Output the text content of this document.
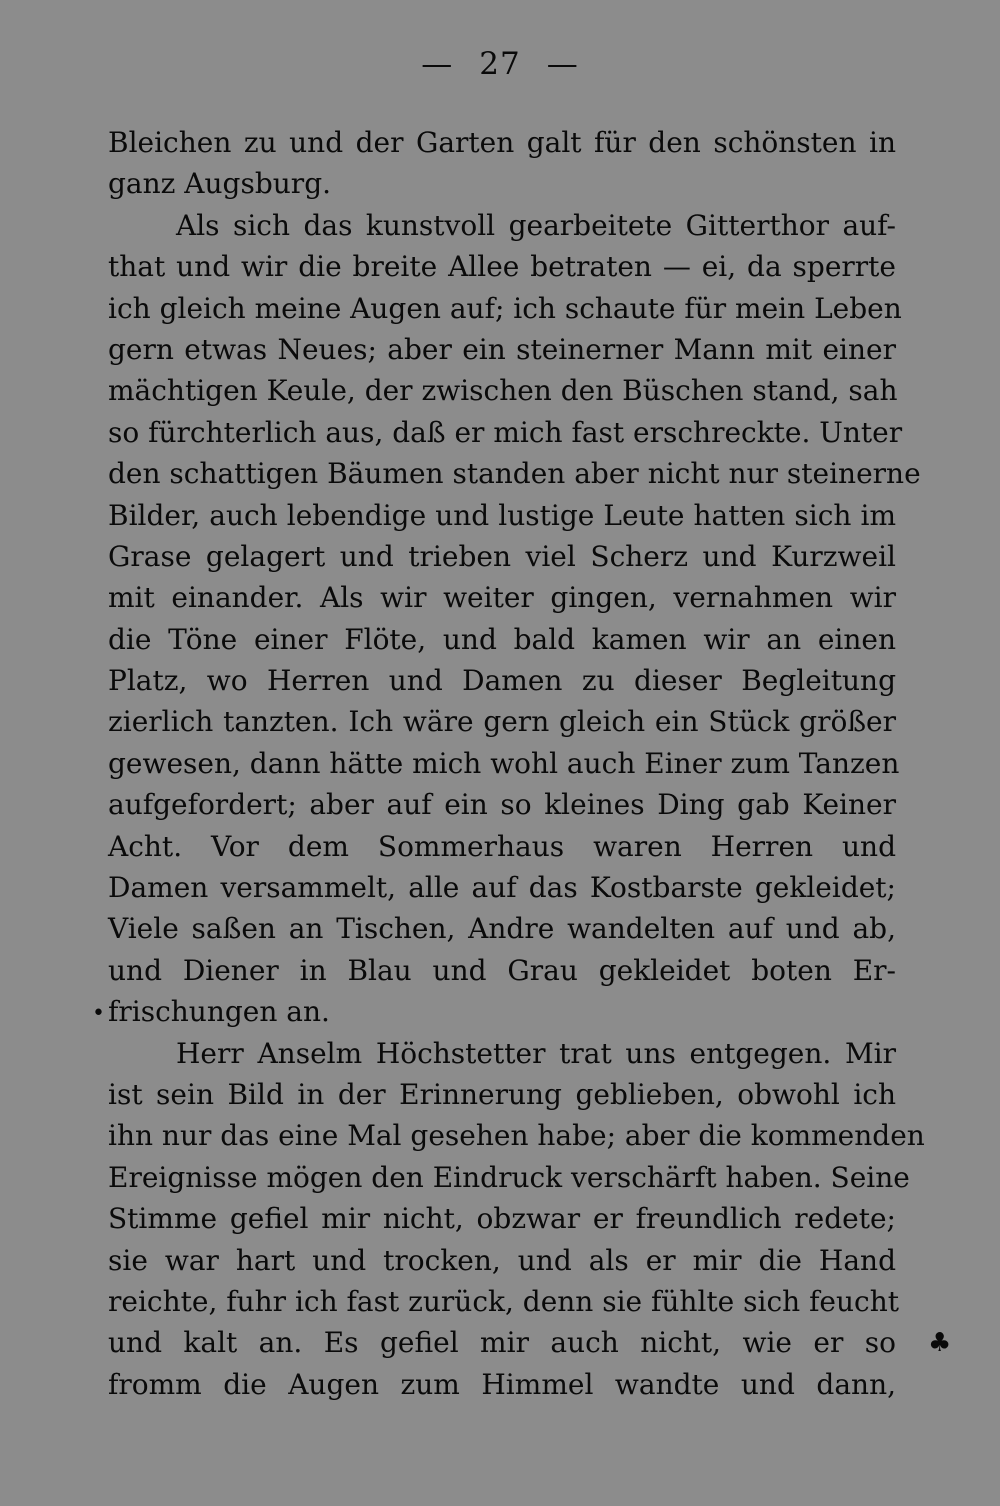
— 27 —
Bleichen zu und der Garten galt für den schönsten in
ganz Augsburg.
Als sich das kunstvoll gearbeitete Gitterthor auf-
that und wir die breite Allee betraten — ei, da sperrte
ich gleich meine Augen auf; ich schaute für mein Leben
gern etwas Neues; aber ein steinerner Mann mit einer
mächtigen Keule, der zwischen den Büschen stand, sah
so fürchterlich aus, daß er mich fast erschreckte. Unter
den schattigen Bäumen standen aber nicht nur steinerne
Bilder, auch lebendige und lustige Leute hatten sich im
Grase gelagert und trieben viel Scherz und Kurzweil
mit einander. Als wir weiter gingen, vernahmen wir
die Töne einer Flöte, und bald kamen wir an einen
Platz, wo Herren und Damen zu dieser Begleitung
zierlich tanzten. Ich wäre gern gleich ein Stück größer
gewesen, dann hätte mich wohl auch Einer zum Tanzen
aufgefordert; aber auf ein so kleines Ding gab Keiner
Acht. Vor dem Sommerhaus waren Herren und
Damen versammelt, alle auf das Kostbarste gekleidet;
Viele saßen an Tischen, Andre wandelten auf und ab,
und Diener in Blau und Grau gekleidet boten Er-
frischungen an.
Herr Anselm Höchstetter trat uns entgegen. Mir
ist sein Bild in der Erinnerung geblieben, obwohl ich
ihn nur das eine Mal gesehen habe; aber die kommenden
Ereignisse mögen den Eindruck verschärft haben. Seine
Stimme gefiel mir nicht, obzwar er freundlich redete;
sie war hart und trocken, und als er mir die Hand
reichte, fuhr ich fast zurück, denn sie fühlte sich feucht
und kalt an. Es gefiel mir auch nicht, wie er so
fromm die Augen zum Himmel wandte und dann,
•
♣
